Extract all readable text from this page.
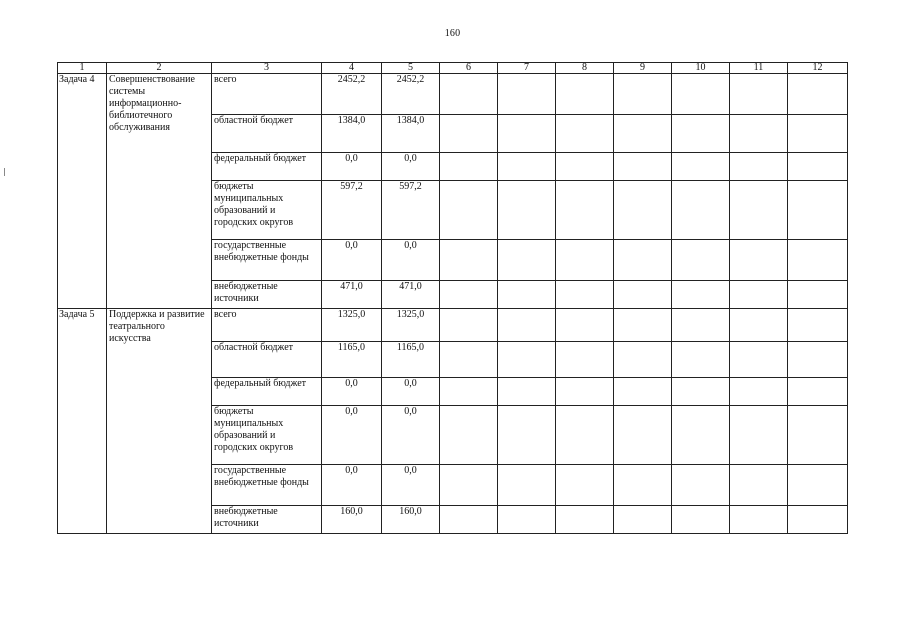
160
1	2	3	4	5	6	7	8	9	10	11	12
Задача 4	Совершенствование системы информационно-библиотечного обслуживания	всего	2452,2	2452,2							
		областной бюджет	1384,0	1384,0							
		федеральный бюджет	0,0	0,0							
		бюджеты муниципальных образований и городских округов	597,2	597,2							
		государственные внебюджетные фонды	0,0	0,0							
		внебюджетные источники	471,0	471,0							
Задача 5	Поддержка и развитие театрального искусства	всего	1325,0	1325,0							
		областной бюджет	1165,0	1165,0							
		федеральный бюджет	0,0	0,0							
		бюджеты муниципальных образований и городских округов	0,0	0,0							
		государственные внебюджетные фонды	0,0	0,0							
		внебюджетные источники	160,0	160,0							
